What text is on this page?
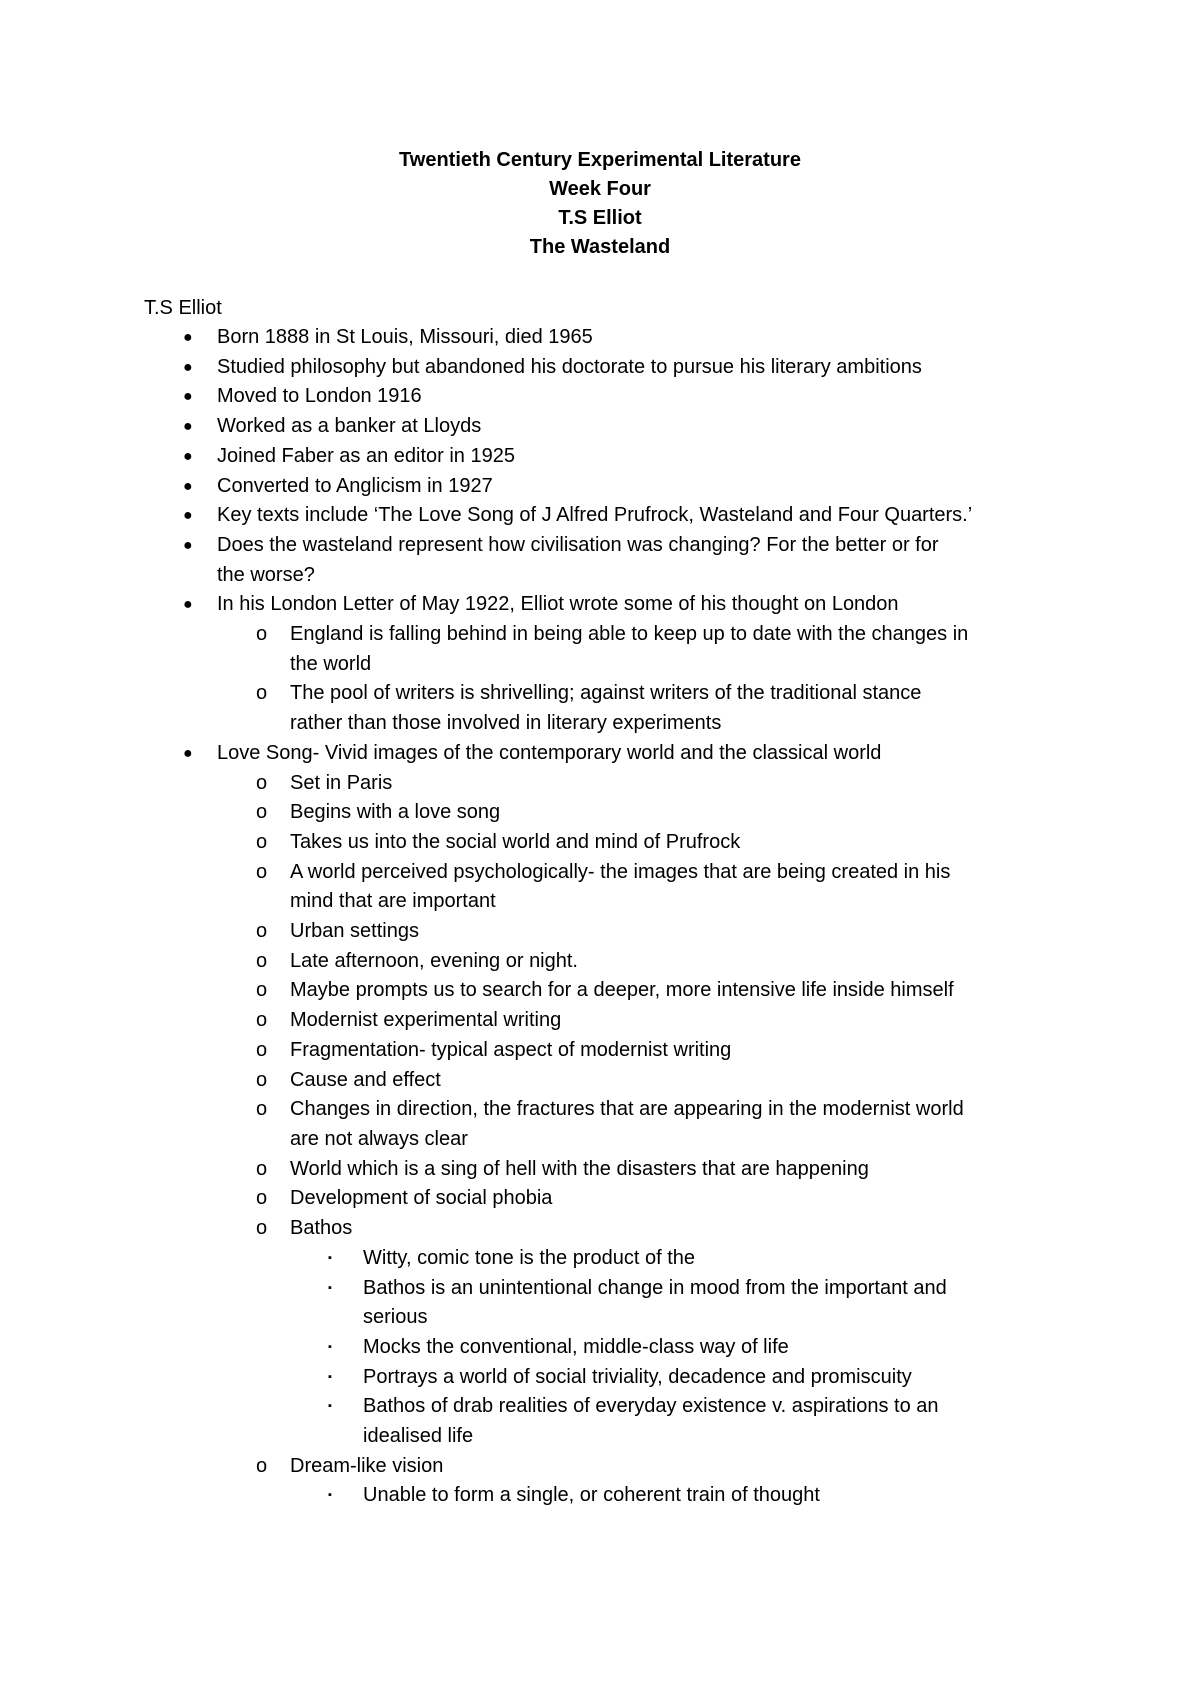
Twentieth Century Experimental Literature
Week Four
T.S Elliot
The Wasteland
T.S Elliot
● Born 1888 in St Louis, Missouri, died 1965
● Studied philosophy but abandoned his doctorate to pursue his literary ambitions
● Moved to London 1916
● Worked as a banker at Lloyds
● Joined Faber as an editor in 1925
● Converted to Anglicism in 1927
● Key texts include ‘The Love Song of J Alfred Prufrock, Wasteland and Four Quarters.’
● Does the wasteland represent how civilisation was changing? For the better or for
the worse?
● In his London Letter of May 1922, Elliot wrote some of his thought on London
o England is falling behind in being able to keep up to date with the changes in
the world
o The pool of writers is shrivelling; against writers of the traditional stance
rather than those involved in literary experiments
● Love Song- Vivid images of the contemporary world and the classical world
o Set in Paris
o Begins with a love song
o Takes us into the social world and mind of Prufrock
o A world perceived psychologically- the images that are being created in his
mind that are important
o Urban settings
o Late afternoon, evening or night.
o Maybe prompts us to search for a deeper, more intensive life inside himself
o Modernist experimental writing
o Fragmentation- typical aspect of modernist writing
o Cause and effect
o Changes in direction, the fractures that are appearing in the modernist world
are not always clear
o World which is a sing of hell with the disasters that are happening
o Development of social phobia
o Bathos
▪ Witty, comic tone is the product of the
▪ Bathos is an unintentional change in mood from the important and
serious
▪ Mocks the conventional, middle-class way of life
▪ Portrays a world of social triviality, decadence and promiscuity
▪ Bathos of drab realities of everyday existence v. aspirations to an
idealised life
o Dream-like vision
▪ Unable to form a single, or coherent train of thought
